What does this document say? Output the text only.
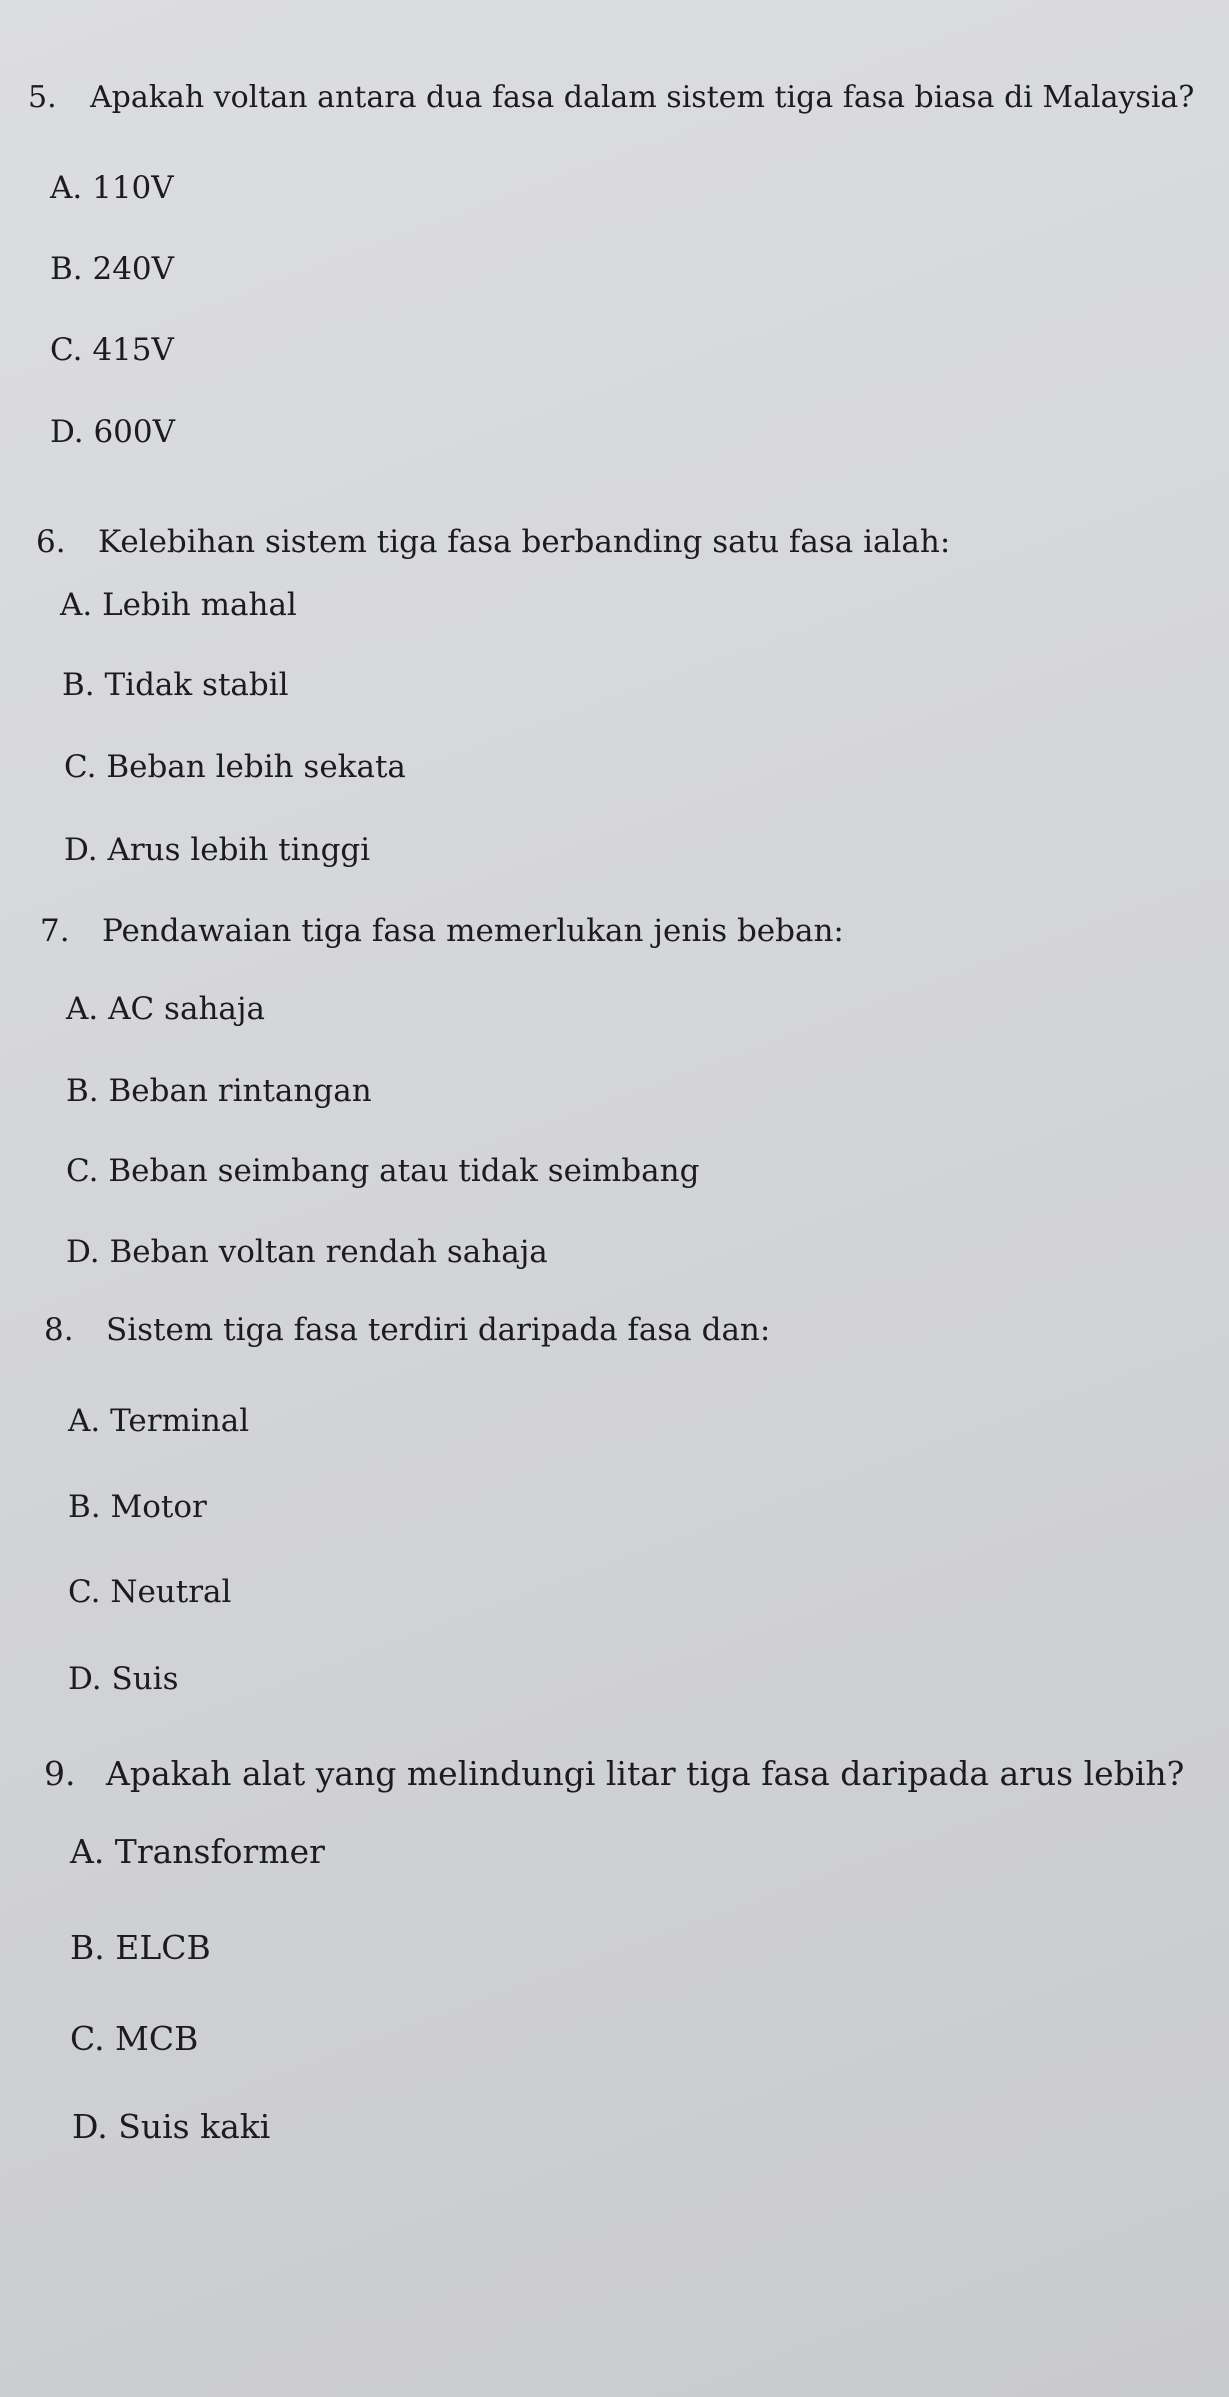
5. Apakah voltan antara dua fasa dalam sistem tiga fasa biasa di Malaysia?
A. 110V
B. 240V
C. 415V
D. 600V
6. Kelebihan sistem tiga fasa berbanding satu fasa ialah:
A. Lebih mahal
B. Tidak stabil
C. Beban lebih sekata
D. Arus lebih tinggi
7. Pendawaian tiga fasa memerlukan jenis beban:
A. AC sahaja
B. Beban rintangan
C. Beban seimbang atau tidak seimbang
D. Beban voltan rendah sahaja
8. Sistem tiga fasa terdiri daripada fasa dan:
A. Terminal
B. Motor
C. Neutral
D. Suis
9. Apakah alat yang melindungi litar tiga fasa daripada arus lebih?
A. Transformer
B. ELCB
C. MCB
D. Suis kaki
